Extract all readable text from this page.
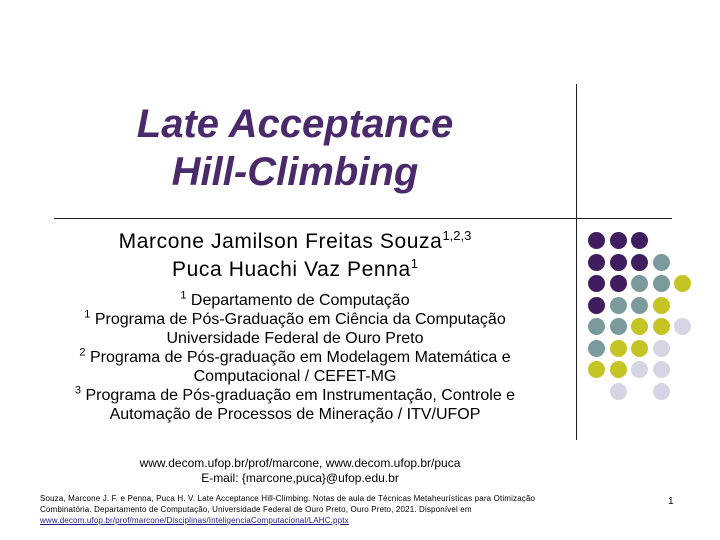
Late Acceptance
Hill-Climbing
Marcone Jamilson Freitas Souza$^{1,2,3}$
Puca Huachi Vaz Penna$^1$
$^1$ Departamento de Computação
$^1$ Programa de Pós-Graduação em Ciência da Computação
Universidade Federal de Ouro Preto
$^2$ Programa de Pós-graduação em Modelagem Matemática e
Computacional / CEFET-MG
$^3$ Programa de Pós-graduação em Instrumentação, Controle e
Automação de Processos de Mineração / ITV/UFOP
www.decom.ufop.br/prof/marcone, www.decom.ufop.br/puca
E-mail: {marcone,puca}@ufop.edu.br
Souza, Marcone J. F. e Penna, Puca H. V. Late Acceptance Hill-Climbing. Notas de aula de Técnicas Metaheurísticas para Otimização
Combinatória. Departamento de Computação, Universidade Federal de Ouro Preto, Ouro Preto, 2021. Disponível em
www.decom.ufop.br/prof/marcone/Disciplinas/InteligenciaComputacional/LAHC.pptx
1
